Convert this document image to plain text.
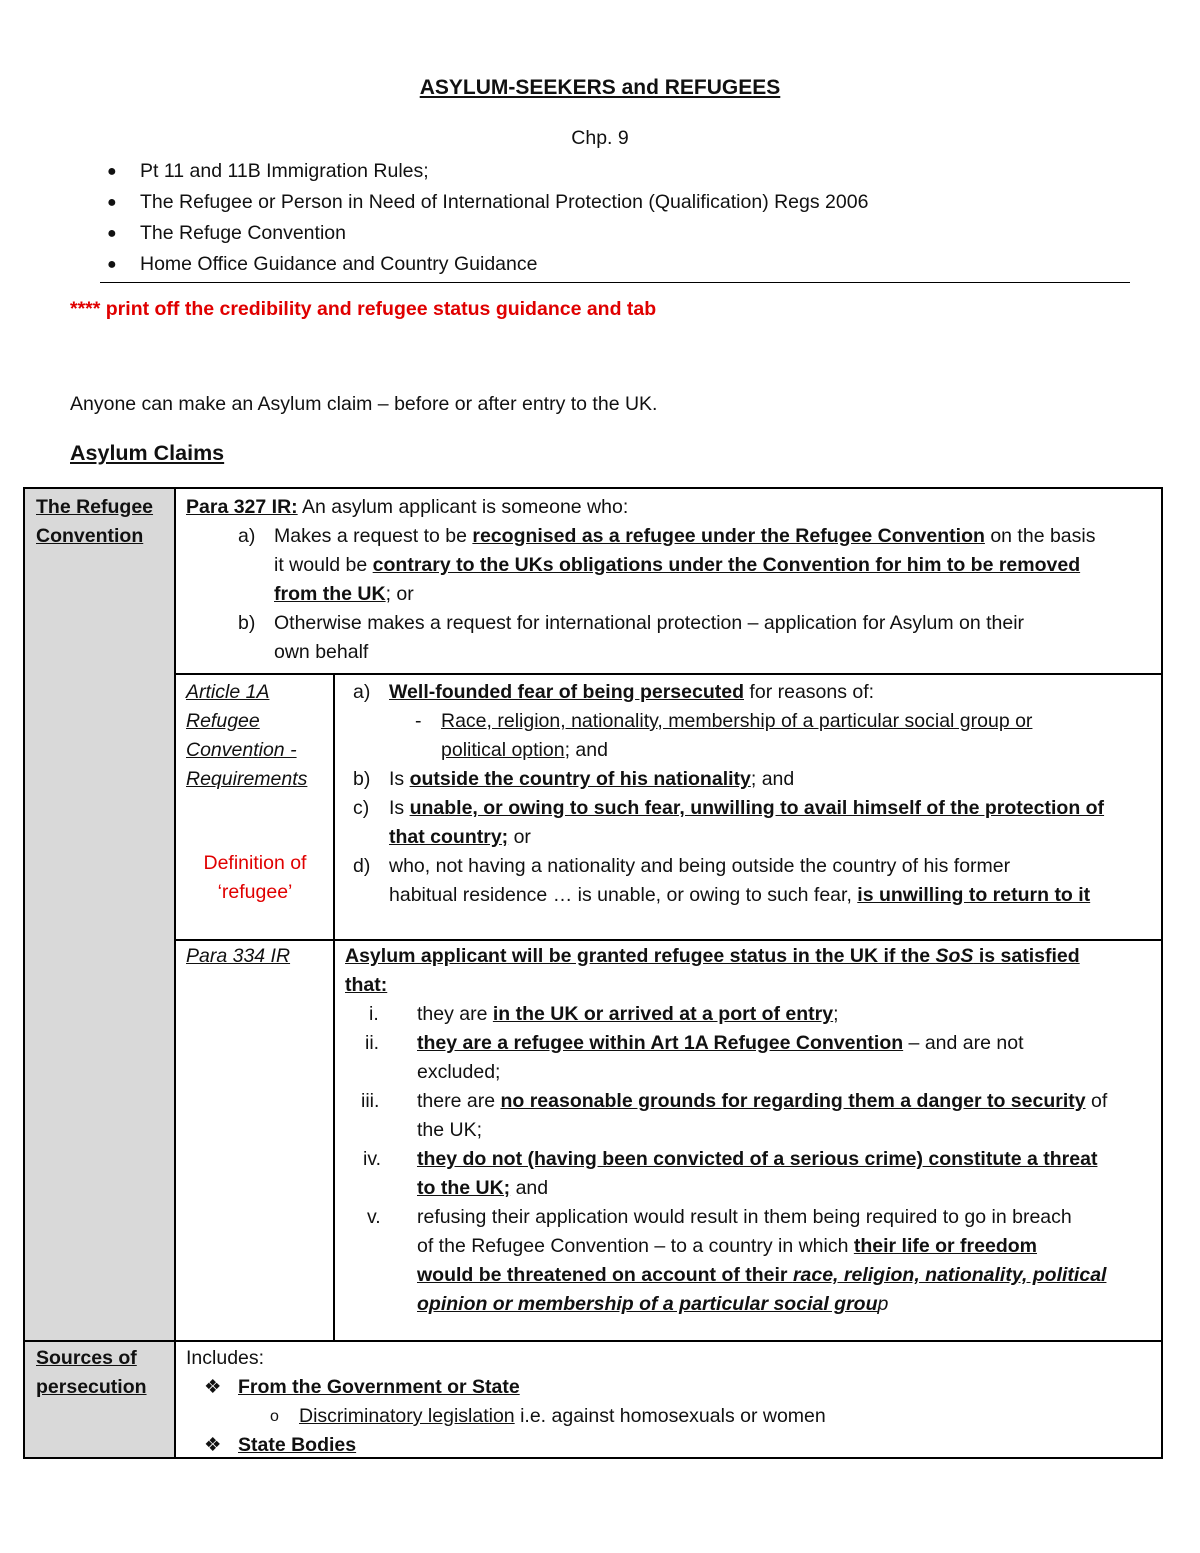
ASYLUM-SEEKERS and REFUGEES
Chp. 9
● Pt 11 and 11B Immigration Rules;
● The Refugee or Person in Need of International Protection (Qualification) Regs 2006
● The Refuge Convention
● Home Office Guidance and Country Guidance
**** print off the credibility and refugee status guidance and tab
Anyone can make an Asylum claim – before or after entry to the UK.
Asylum Claims
The Refugee
Convention
Para 327 IR: An asylum applicant is someone who:
a) Makes a request to be recognised as a refugee under the Refugee Convention on the basis
it would be contrary to the UKs obligations under the Convention for him to be removed
from the UK; or
b) Otherwise makes a request for international protection – application for Asylum on their
own behalf
Article 1A
Refugee
Convention -
Requirements
Definition of
‘refugee’
a) Well-founded fear of being persecuted for reasons of:
- Race, religion, nationality, membership of a particular social group or
political option; and
b) Is outside the country of his nationality; and
c) Is unable, or owing to such fear, unwilling to avail himself of the protection of
that country; or
d) who, not having a nationality and being outside the country of his former
habitual residence … is unable, or owing to such fear, is unwilling to return to it
Para 334 IR	Asylum applicant will be granted refugee status in the UK if the SoS is satisfied
that:
i. they are in the UK or arrived at a port of entry;
ii. they are a refugee within Art 1A Refugee Convention – and are not
excluded;
iii. there are no reasonable grounds for regarding them a danger to security of
the UK;
iv. they do not (having been convicted of a serious crime) constitute a threat
to the UK; and
v. refusing their application would result in them being required to go in breach
of the Refugee Convention – to a country in which their life or freedom
would be threatened on account of their race, religion, nationality, political
opinion or membership of a particular social group
Sources of
persecution
Includes:
❖ From the Government or State
o Discriminatory legislation i.e. against homosexuals or women
❖ State Bodies
